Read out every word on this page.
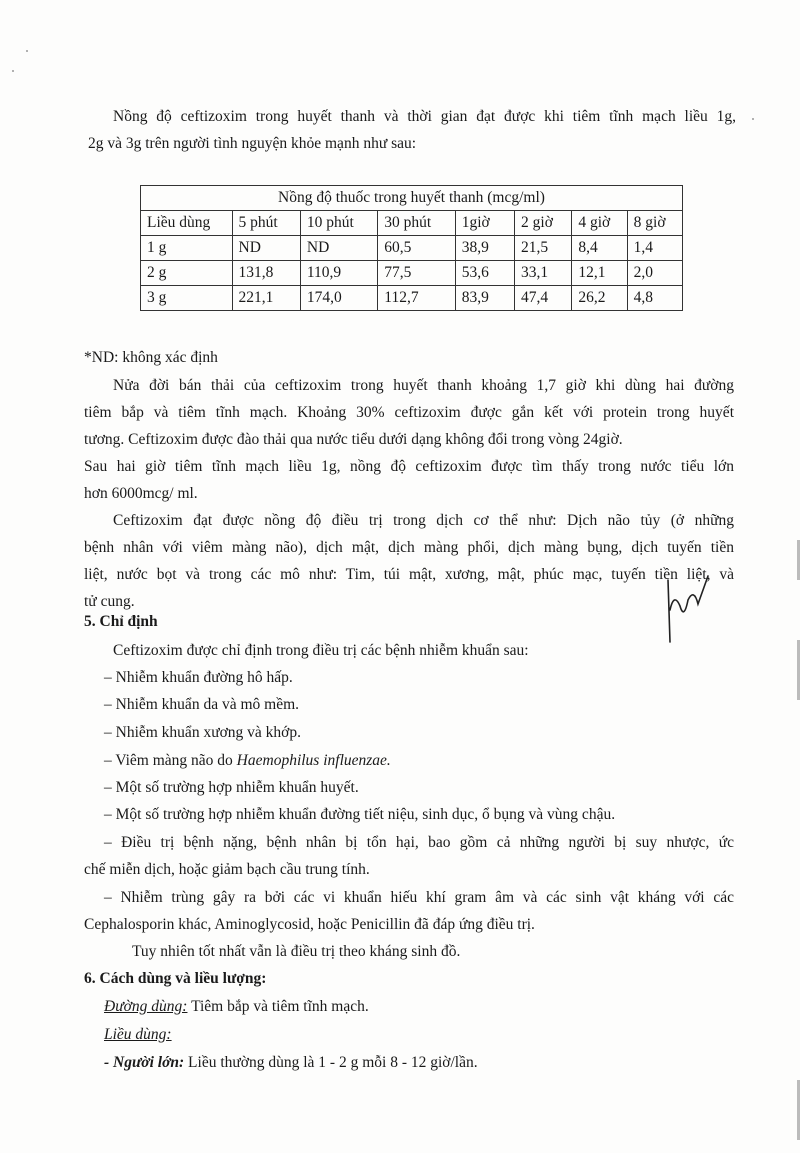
Nồng độ ceftizoxim trong huyết thanh và thời gian đạt được khi tiêm tĩnh mạch liều 1g,

2g và 3g trên người tình nguyện khỏe mạnh như sau:

Nồng độ thuốc trong huyết thanh (mcg/ml)							
Liều dùng	5 phút	10 phút	30 phút	1giờ	2 giờ	4 giờ	8 giờ
1 g	ND	ND	60,5	38,9	21,5	8,4	1,4
2 g	131,8	110,9	77,5	53,6	33,1	12,1	2,0
3 g	221,1	174,0	112,7	83,9	47,4	26,2	4,8

*ND: không xác định

Nửa đời bán thải của ceftizoxim trong huyết thanh khoảng 1,7 giờ khi dùng hai đường

tiêm bắp và tiêm tĩnh mạch. Khoảng 30% ceftizoxim được gắn kết với protein trong huyết

tương. Ceftizoxim được đào thải qua nước tiểu dưới dạng không đổi trong vòng 24giờ.

Sau hai giờ tiêm tĩnh mạch liều 1g, nồng độ ceftizoxim được tìm thấy trong nước tiểu lớn

hơn 6000mcg/ ml.

Ceftizoxim đạt được nồng độ điều trị trong dịch cơ thể như: Dịch não tủy (ở những

bệnh nhân với viêm màng não), dịch mật, dịch màng phổi, dịch màng bụng, dịch tuyến tiền

liệt, nước bọt và trong các mô như: Tim, túi mật, xương, mật, phúc mạc, tuyến tiền liệt, và

tử cung.

5. Chỉ định

Ceftizoxim được chỉ định trong điều trị các bệnh nhiễm khuẩn sau:

– Nhiễm khuẩn đường hô hấp.

– Nhiễm khuẩn da và mô mềm.

– Nhiễm khuẩn xương và khớp.

– Viêm màng não do Haemophilus influenzae.

– Một số trường hợp nhiễm khuẩn huyết.

– Một số trường hợp nhiễm khuẩn đường tiết niệu, sinh dục, ổ bụng và vùng chậu.

– Điều trị bệnh nặng, bệnh nhân bị tổn hại, bao gồm cả những người bị suy nhược, ức

chế miễn dịch, hoặc giảm bạch cầu trung tính.

– Nhiễm trùng gây ra bởi các vi khuẩn hiếu khí gram âm và các sinh vật kháng với các

Cephalosporin khác, Aminoglycosid, hoặc Penicillin đã đáp ứng điều trị.

Tuy nhiên tốt nhất vẫn là điều trị theo kháng sinh đồ.

6. Cách dùng và liều lượng:

Đường dùng: Tiêm bắp và tiêm tĩnh mạch.

Liều dùng:

- Người lớn: Liều thường dùng là 1 - 2 g mỗi 8 - 12 giờ/lần.
